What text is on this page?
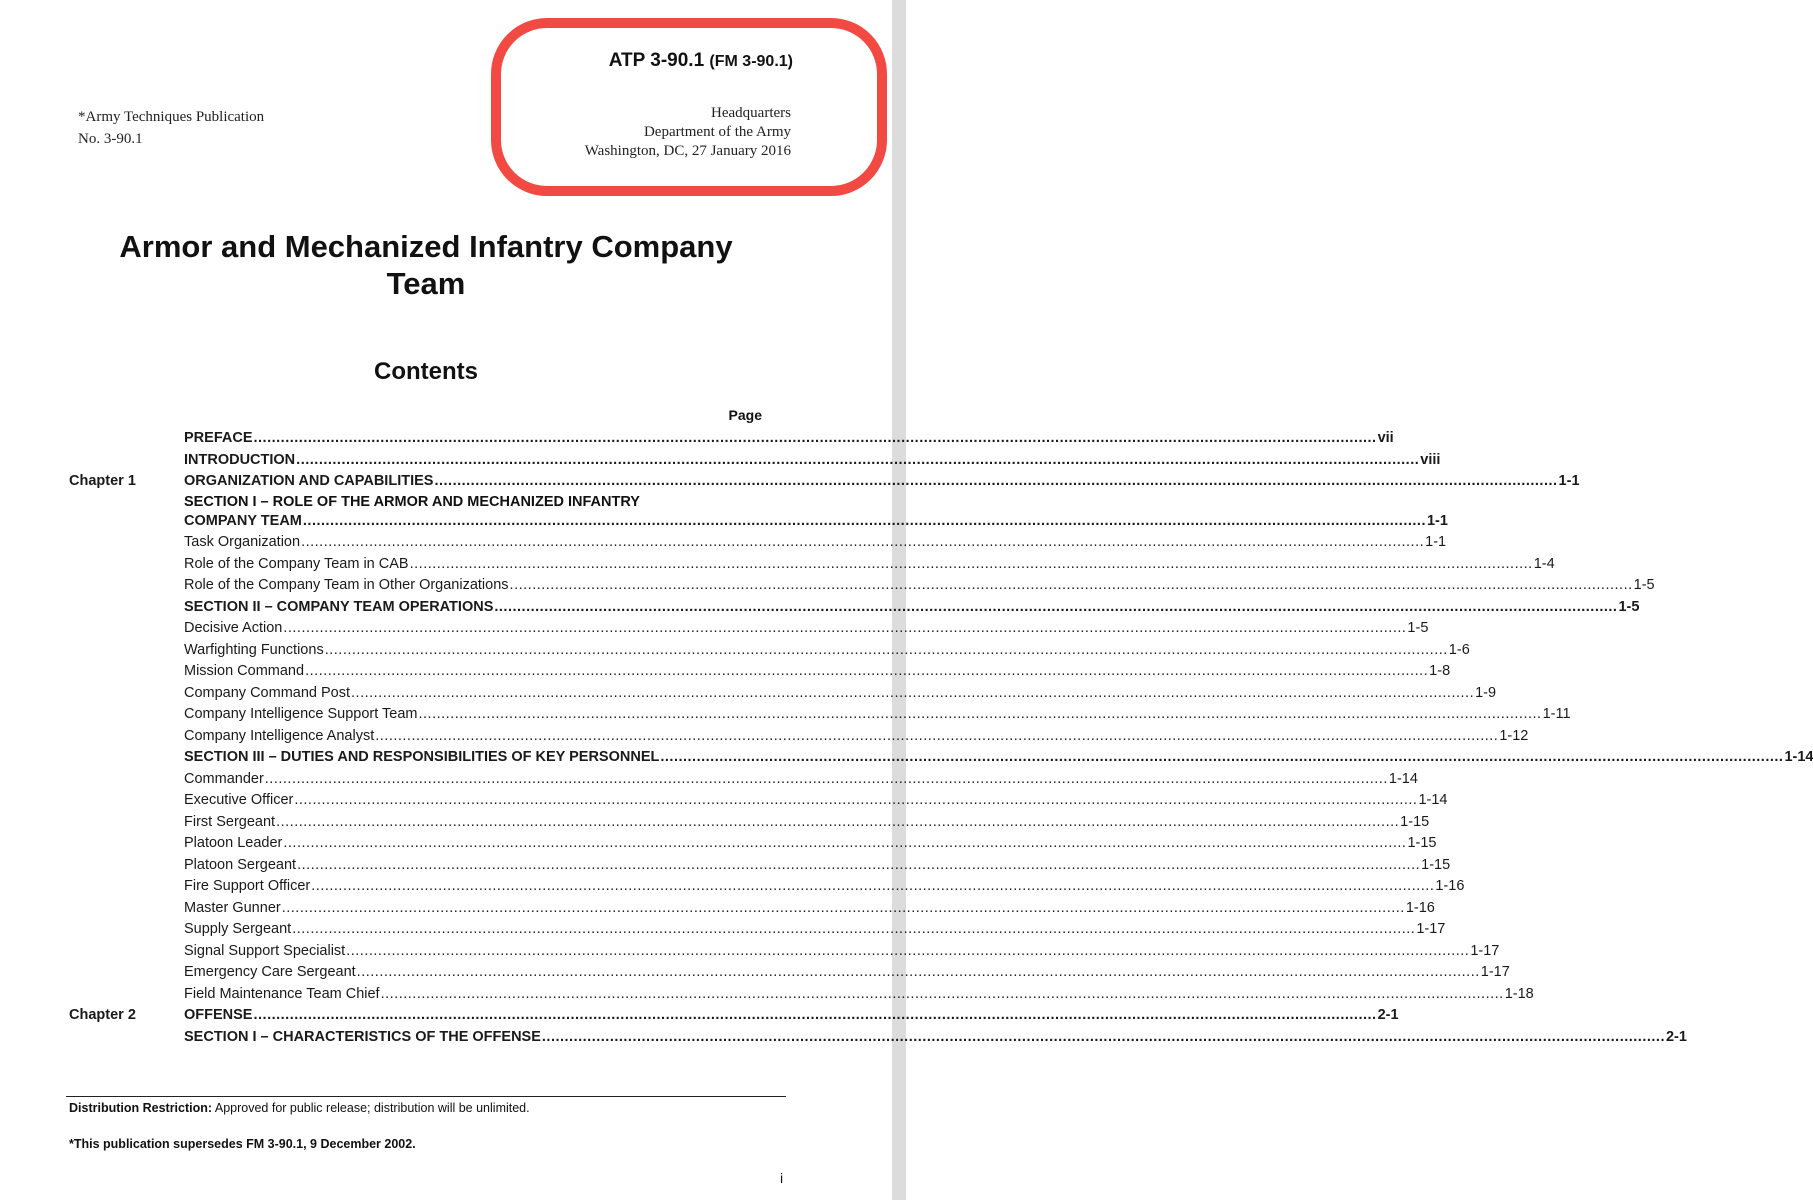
*Army Techniques Publication
No. 3-90.1
ATP 3-90.1 (FM 3-90.1)
Headquarters
Department of the Army
Washington, DC, 27 January 2016
Armor and Mechanized Infantry Company
Team
Contents
Page
PREFACE .....	vii
INTRODUCTION .....	viii
Chapter 1	ORGANIZATION AND CAPABILITIES .....	1-1
SECTION I – ROLE OF THE ARMOR AND MECHANIZED INFANTRY
COMPANY TEAM .....	1-1
Task Organization .....	1-1
Role of the Company Team in CAB .....	1-4
Role of the Company Team in Other Organizations .....	1-5
SECTION II – COMPANY TEAM OPERATIONS .....	1-5
Decisive Action .....	1-5
Warfighting Functions .....	1-6
Mission Command .....	1-8
Company Command Post .....	1-9
Company Intelligence Support Team .....	1-11
Company Intelligence Analyst .....	1-12
SECTION III – DUTIES AND RESPONSIBILITIES OF KEY PERSONNEL .....	1-14
Commander .....	1-14
Executive Officer .....	1-14
First Sergeant .....	1-15
Platoon Leader .....	1-15
Platoon Sergeant .....	1-15
Fire Support Officer .....	1-16
Master Gunner .....	1-16
Supply Sergeant .....	1-17
Signal Support Specialist .....	1-17
Emergency Care Sergeant .....	1-17
Field Maintenance Team Chief .....	1-18
Chapter 2	OFFENSE .....	2-1
SECTION I – CHARACTERISTICS OF THE OFFENSE .....	2-1
Distribution Restriction: Approved for public release; distribution will be unlimited.
*This publication supersedes FM 3-90.1, 9 December 2002.
i
